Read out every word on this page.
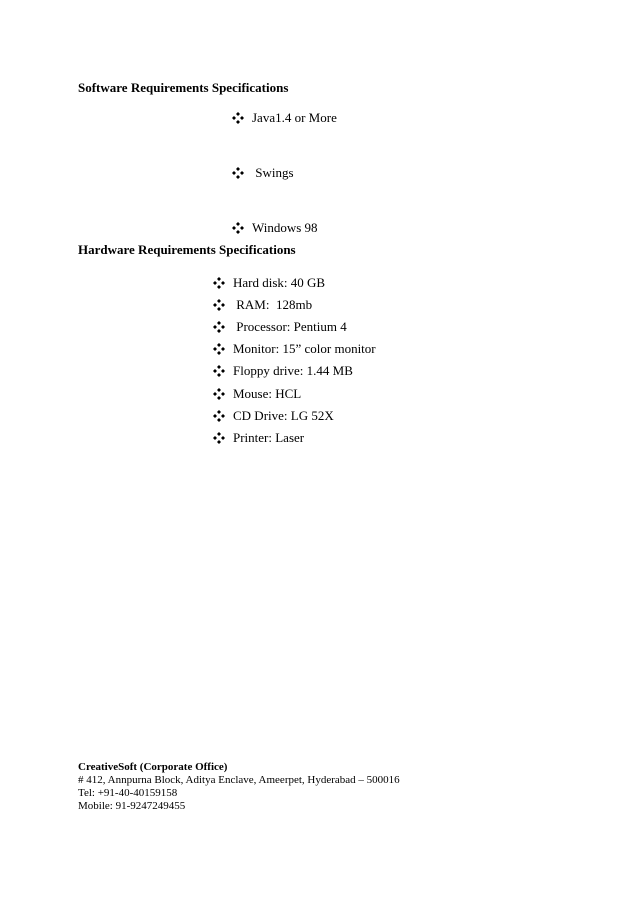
Software Requirements Specifications
Java1.4 or More
Swings
Windows 98
Hardware Requirements Specifications
Hard disk: 40 GB
RAM:  128mb
Processor: Pentium 4
Monitor: 15” color monitor
Floppy drive: 1.44 MB
Mouse: HCL
CD Drive: LG 52X
Printer: Laser
CreativeSoft (Corporate Office)
# 412, Annpurna Block, Aditya Enclave, Ameerpet, Hyderabad – 500016
Tel: +91-40-40159158
Mobile: 91-9247249455
